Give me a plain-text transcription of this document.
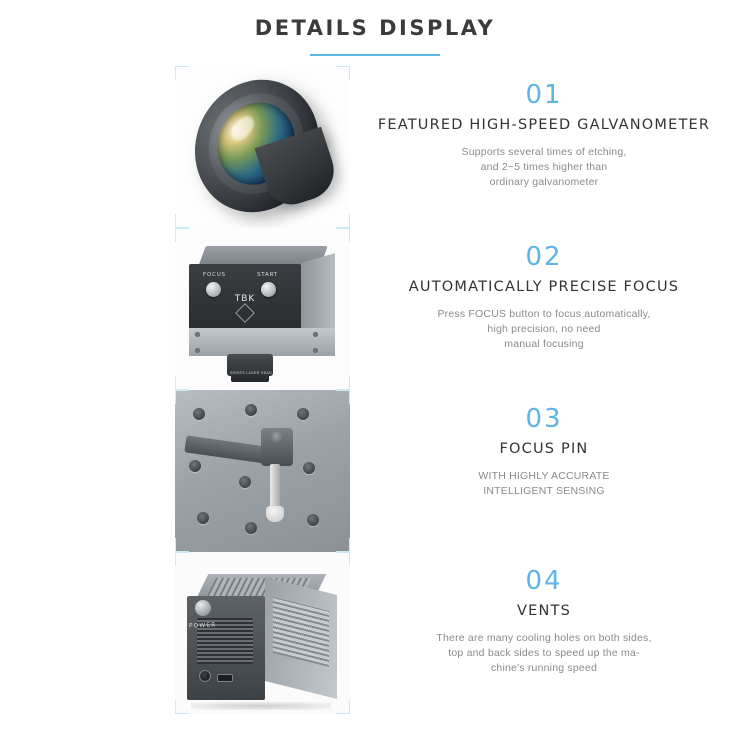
DETAILS DISPLAY
01
FEATURED HIGH-SPEED GALVANOMETER
Supports several times of etching,
and 2~5 times higher than
ordinary galvanometer
FOCUS	START
TBK
SERIES LASER HEAD
02
AUTOMATICALLY PRECISE FOCUS
Press FOCUS button to focus automatically,
high precision, no need
manual focusing
03
FOCUS PIN
WITH HIGHLY ACCURATE
INTELLIGENT SENSING
POWER
04
VENTS
There are many cooling holes on both sides,
top and back sides to speed up the ma-
chine's running speed
